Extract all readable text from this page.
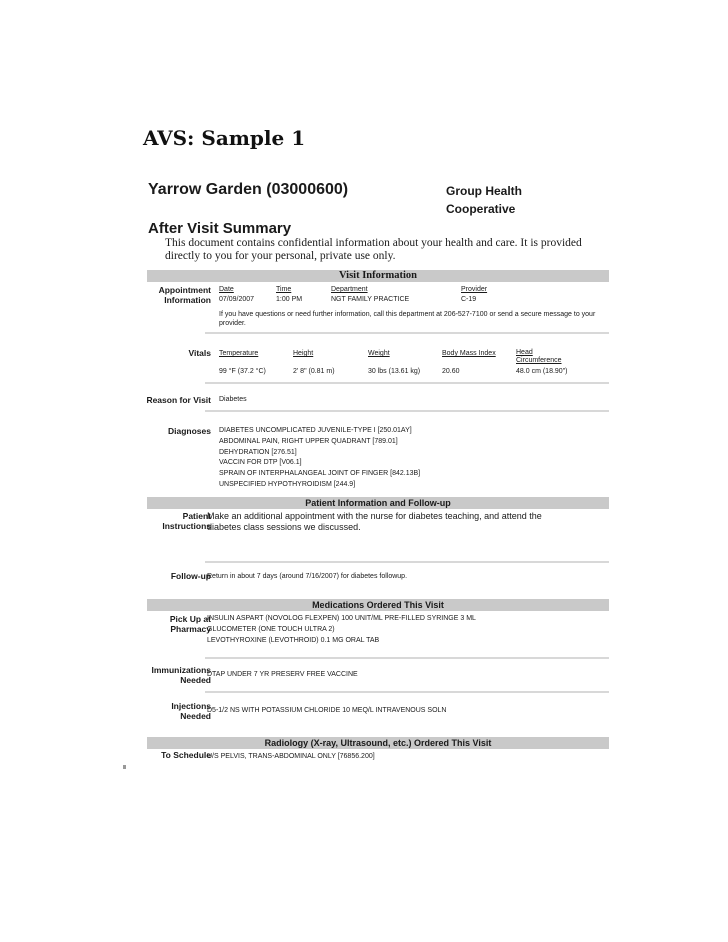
AVS: Sample 1
Yarrow Garden (03000600)	Group Health
Cooperative
After Visit Summary
This document contains confidential information about your health and care. It is provided directly to you for your personal, private use only.
Visit Information
Appointment
Information
Date	Time	Department	Provider
07/09/2007	1:00 PM	NGT FAMILY PRACTICE	C-19
If you have questions or need further information, call this department at 206-527-7100 or send a secure message to your provider.
Vitals Temperature	Height	Weight	Body Mass Index	Head Circumference
99 °F (37.2 °C)	2' 8" (0.81 m)	30 lbs (13.61 kg)	20.60	48.0 cm (18.90")
Reason for Visit Diabetes
Diagnoses DIABETES UNCOMPLICATED JUVENILE-TYPE I [250.01AY]
ABDOMINAL PAIN, RIGHT UPPER QUADRANT [789.01]
DEHYDRATION [276.51]
VACCIN FOR DTP [V06.1]
SPRAIN OF INTERPHALANGEAL JOINT OF FINGER [842.13B]
UNSPECIFIED HYPOTHYROIDISM [244.9]
Patient Information and Follow-up
Patient
Instructions
Make an additional appointment with the nurse for diabetes teaching, and attend the diabetes class sessions we discussed.
Follow-up
Return in about 7 days (around 7/16/2007) for diabetes followup.
Medications Ordered This Visit
Pick Up at
Pharmacy
INSULIN ASPART (NOVOLOG FLEXPEN) 100 UNIT/ML PRE-FILLED SYRINGE 3 ML
GLUCOMETER (ONE TOUCH ULTRA 2)
LEVOTHYROXINE (LEVOTHROID) 0.1 MG ORAL TAB
Immunizations
Needed
DTAP UNDER 7 YR PRESERV FREE VACCINE
Injections
Needed
D5-1/2 NS WITH POTASSIUM CHLORIDE 10 MEQ/L INTRAVENOUS SOLN
Radiology (X-ray, Ultrasound, etc.) Ordered This Visit
To Schedule
U/S PELVIS, TRANS-ABDOMINAL ONLY [76856.200]
